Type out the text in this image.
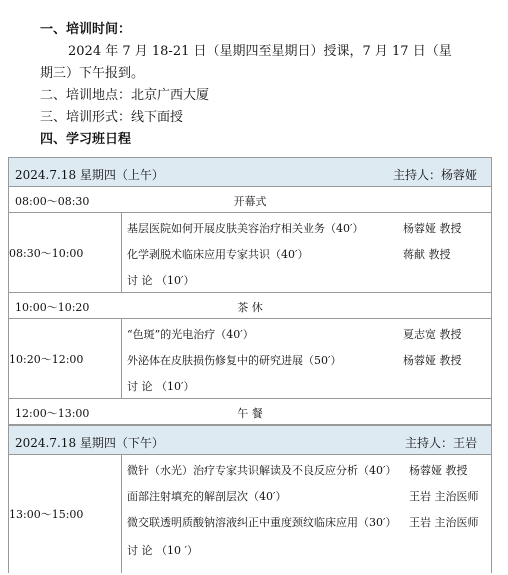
一、培训时间：
2024 年 7 月 18-21 日（星期四至星期日）授课，7 月 17 日（星
期三）下午报到。
二、培训地点：北京广西大厦
三、培训形式：线下面授
四、学习班日程
2024.7.18 星期四（上午）	主持人：杨蓉娅
08:00～08:30	开幕式
08:30～10:00
基层医院如何开展皮肤美容治疗相关业务（40′）	杨蓉娅 教授
化学剥脱术临床应用专家共识（40′）	蒋献 教授
讨 论 （10′）
10:00～10:20	茶 休
10:20～12:00
“色斑”的光电治疗（40′）	夏志宽 教授
外泌体在皮肤损伤修复中的研究进展（50′）	杨蓉娅 教授
讨 论 （10′）
12:00～13:00	午 餐
2024.7.18 星期四（下午）	主持人：王岩
13:00～15:00
微针（水光）治疗专家共识解读及不良反应分析（40′） 杨蓉娅 教授
面部注射填充的解剖层次（40′）	王岩 主治医师
微交联透明质酸钠溶液纠正中重度颈纹临床应用（30′） 王岩 主治医师
讨 论 （10 ′）
